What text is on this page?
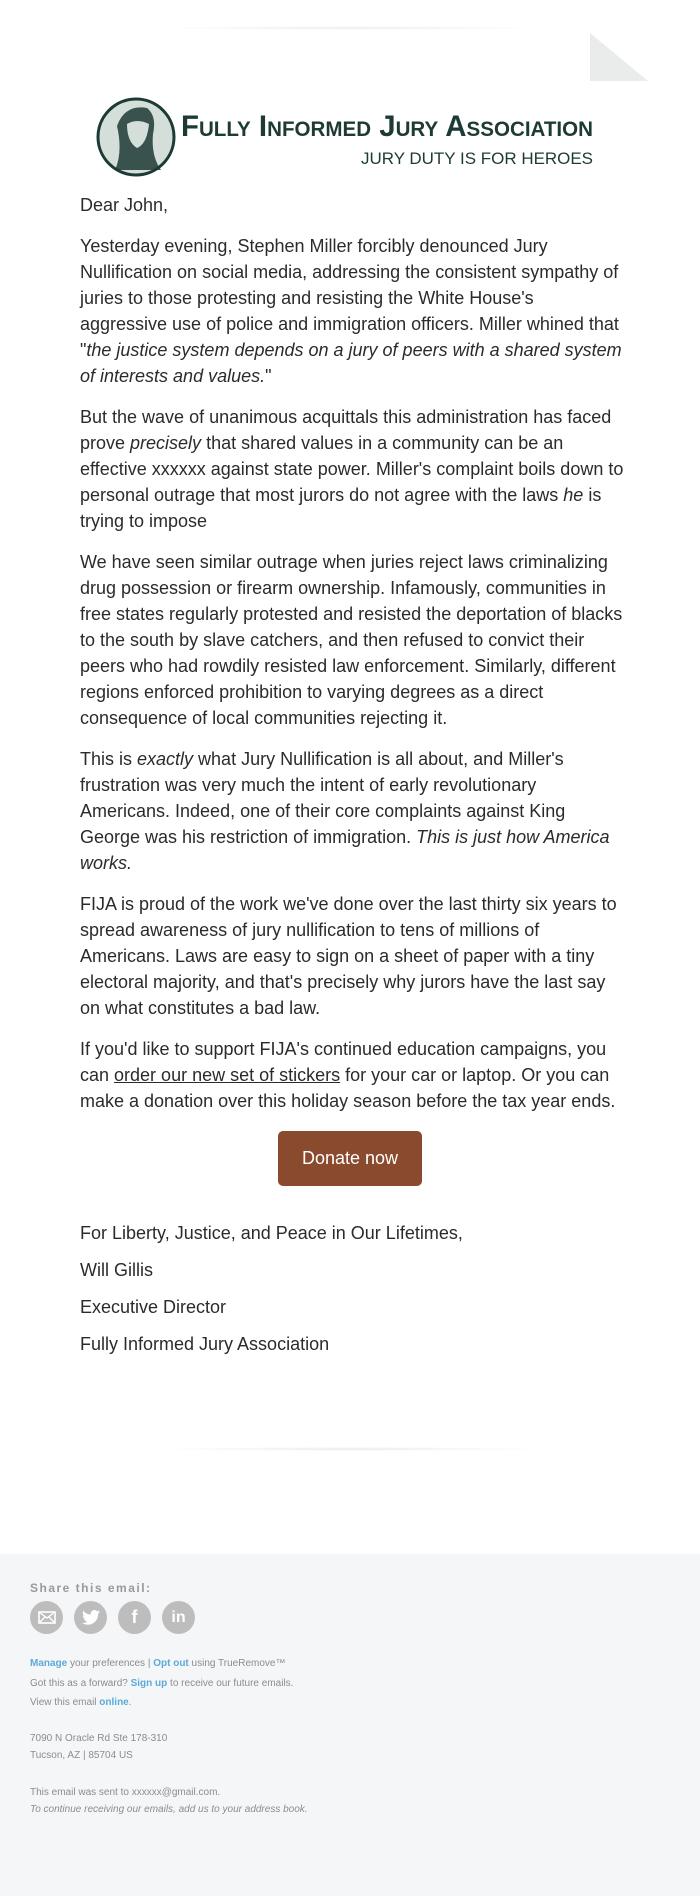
Fully Informed Jury Association
JURY DUTY IS FOR HEROES

Dear John,

Yesterday evening, Stephen Miller forcibly denounced Jury Nullification on social media, addressing the consistent sympathy of juries to those protesting and resisting the White House's aggressive use of police and immigration officers. Miller whined that "the justice system depends on a jury of peers with a shared system of interests and values."

But the wave of unanimous acquittals this administration has faced prove precisely that shared values in a community can be an effective xxxxxx against state power. Miller's complaint boils down to personal outrage that most jurors do not agree with the laws he is trying to impose

We have seen similar outrage when juries reject laws criminalizing drug possession or firearm ownership. Infamously, communities in free states regularly protested and resisted the deportation of blacks to the south by slave catchers, and then refused to convict their peers who had rowdily resisted law enforcement. Similarly, different regions enforced prohibition to varying degrees as a direct consequence of local communities rejecting it.

This is exactly what Jury Nullification is all about, and Miller's frustration was very much the intent of early revolutionary Americans. Indeed, one of their core complaints against King George was his restriction of immigration. This is just how America works.

FIJA is proud of the work we've done over the last thirty six years to spread awareness of jury nullification to tens of millions of Americans. Laws are easy to sign on a sheet of paper with a tiny electoral majority, and that's precisely why jurors have the last say on what constitutes a bad law.

If you'd like to support FIJA's continued education campaigns, you can order our new set of stickers for your car or laptop. Or you can make a donation over this holiday season before the tax year ends.

Donate now
For Liberty, Justice, and Peace in Our Lifetimes,
Will Gillis
Executive Director
Fully Informed Jury Association
Share this email:
f	in
Manage your preferences | Opt out using TrueRemove™
Got this as a forward? Sign up to receive our future emails.
View this email online.
7090 N Oracle Rd Ste 178-310
Tucson, AZ | 85704 US
This email was sent to xxxxxx@gmail.com.
To continue receiving our emails, add us to your address book.
